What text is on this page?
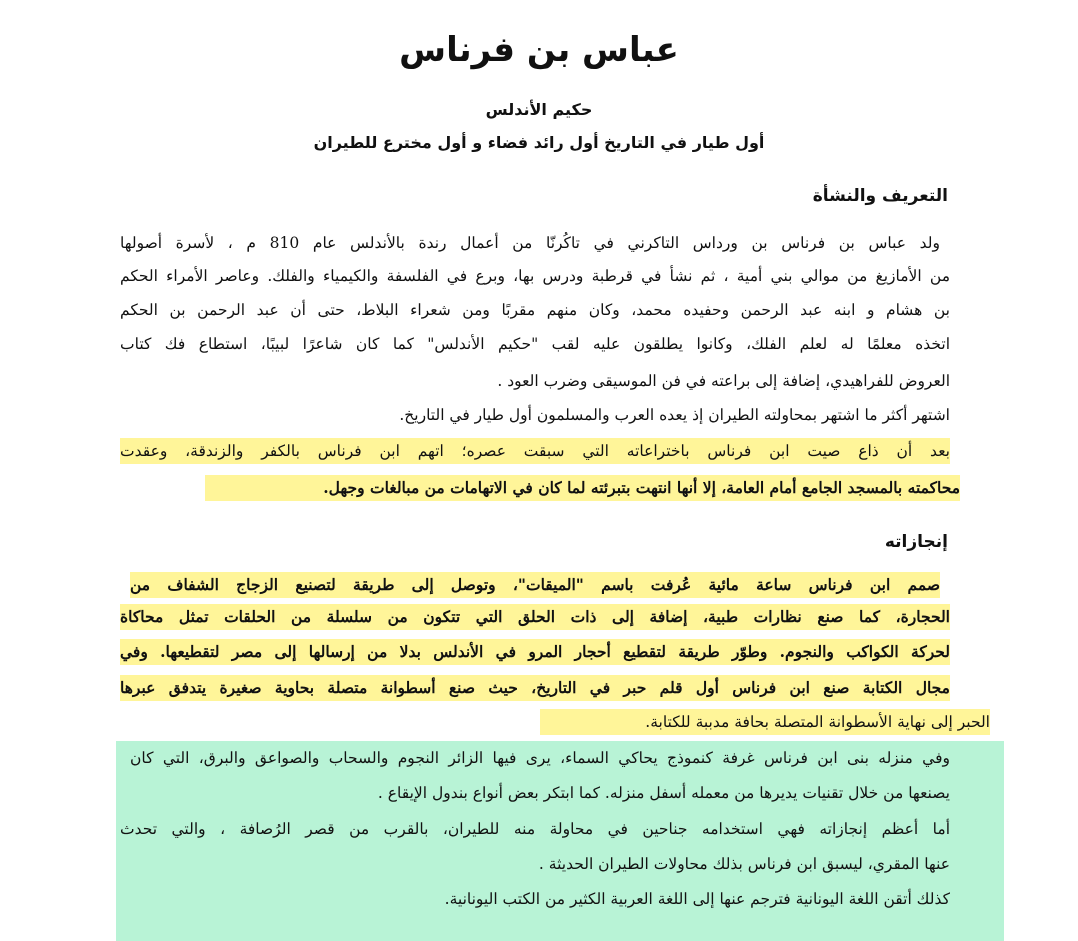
عباس بن فرناس
حكيم الأندلس
أول طيار في التاريخ أول رائد فضاء و أول مخترع للطيران
التعريف والنشأة
ولد عباس بن فرناس بن ورداس التاكرني في تاكُرنّا من أعمال رندة بالأندلس عام 810 م ، لأسرة أصولها
من الأمازيغ من موالي بني أمية ، ثم نشأ في قرطبة ودرس بها، وبرع في الفلسفة والكيمياء والفلك. وعاصر الأمراء الحكم
بن هشام و ابنه عبد الرحمن وحفيده محمد، وكان منهم مقربًا ومن شعراء البلاط، حتى أن عبد الرحمن بن الحكم
اتخذه معلمًا له لعلم الفلك، وكانوا يطلقون عليه لقب "حكيم الأندلس" كما كان شاعرًا لبيبًا، استطاع فك كتاب
العروض للفراهيدي، إضافة إلى براعته في فن الموسيقى وضرب العود .
اشتهر أكثر ما اشتهر بمحاولته الطيران إذ يعده العرب والمسلمون أول طيار في التاريخ.
بعد أن ذاع صيت ابن فرناس باختراعاته التي سبقت عصره؛ اتهم ابن فرناس بالكفر والزندقة، وعقدت
محاكمته بالمسجد الجامع أمام العامة، إلا أنها انتهت بتبرئته لما كان في الاتهامات من مبالغات وجهل.
إنجازاته
صمم ابن فرناس ساعة مائية عُرفت باسم "الميقات"، وتوصل إلى طريقة لتصنيع الزجاج الشفاف من
الحجارة، كما صنع نظارات طبية، إضافة إلى ذات الحلق التي تتكون من سلسلة من الحلقات تمثل محاكاة
لحركة الكواكب والنجوم. وطوّر طريقة لتقطيع أحجار المرو في الأندلس بدلا من إرسالها إلى مصر لتقطيعها. وفي
مجال الكتابة صنع ابن فرناس أول قلم حبر في التاريخ، حيث صنع أسطوانة متصلة بحاوية صغيرة يتدفق عبرها
الحبر إلى نهاية الأسطوانة المتصلة بحافة مدببة للكتابة.
وفي منزله بنى ابن فرناس غرفة كنموذج يحاكي السماء، يرى فيها الزائر النجوم والسحاب والصواعق والبرق، التي كان
يصنعها من خلال تقنيات يديرها من معمله أسفل منزله. كما ابتكر بعض أنواع بندول الإيقاع .
أما أعظم إنجازاته فهي استخدامه جناحين في محاولة منه للطيران، بالقرب من قصر الرُصافة ، والتي تحدث
عنها المقري، ليسبق ابن فرناس بذلك محاولات الطيران الحديثة .
كذلك أتقن اللغة اليونانية فترجم عنها إلى اللغة العربية الكثير من الكتب اليونانية.
